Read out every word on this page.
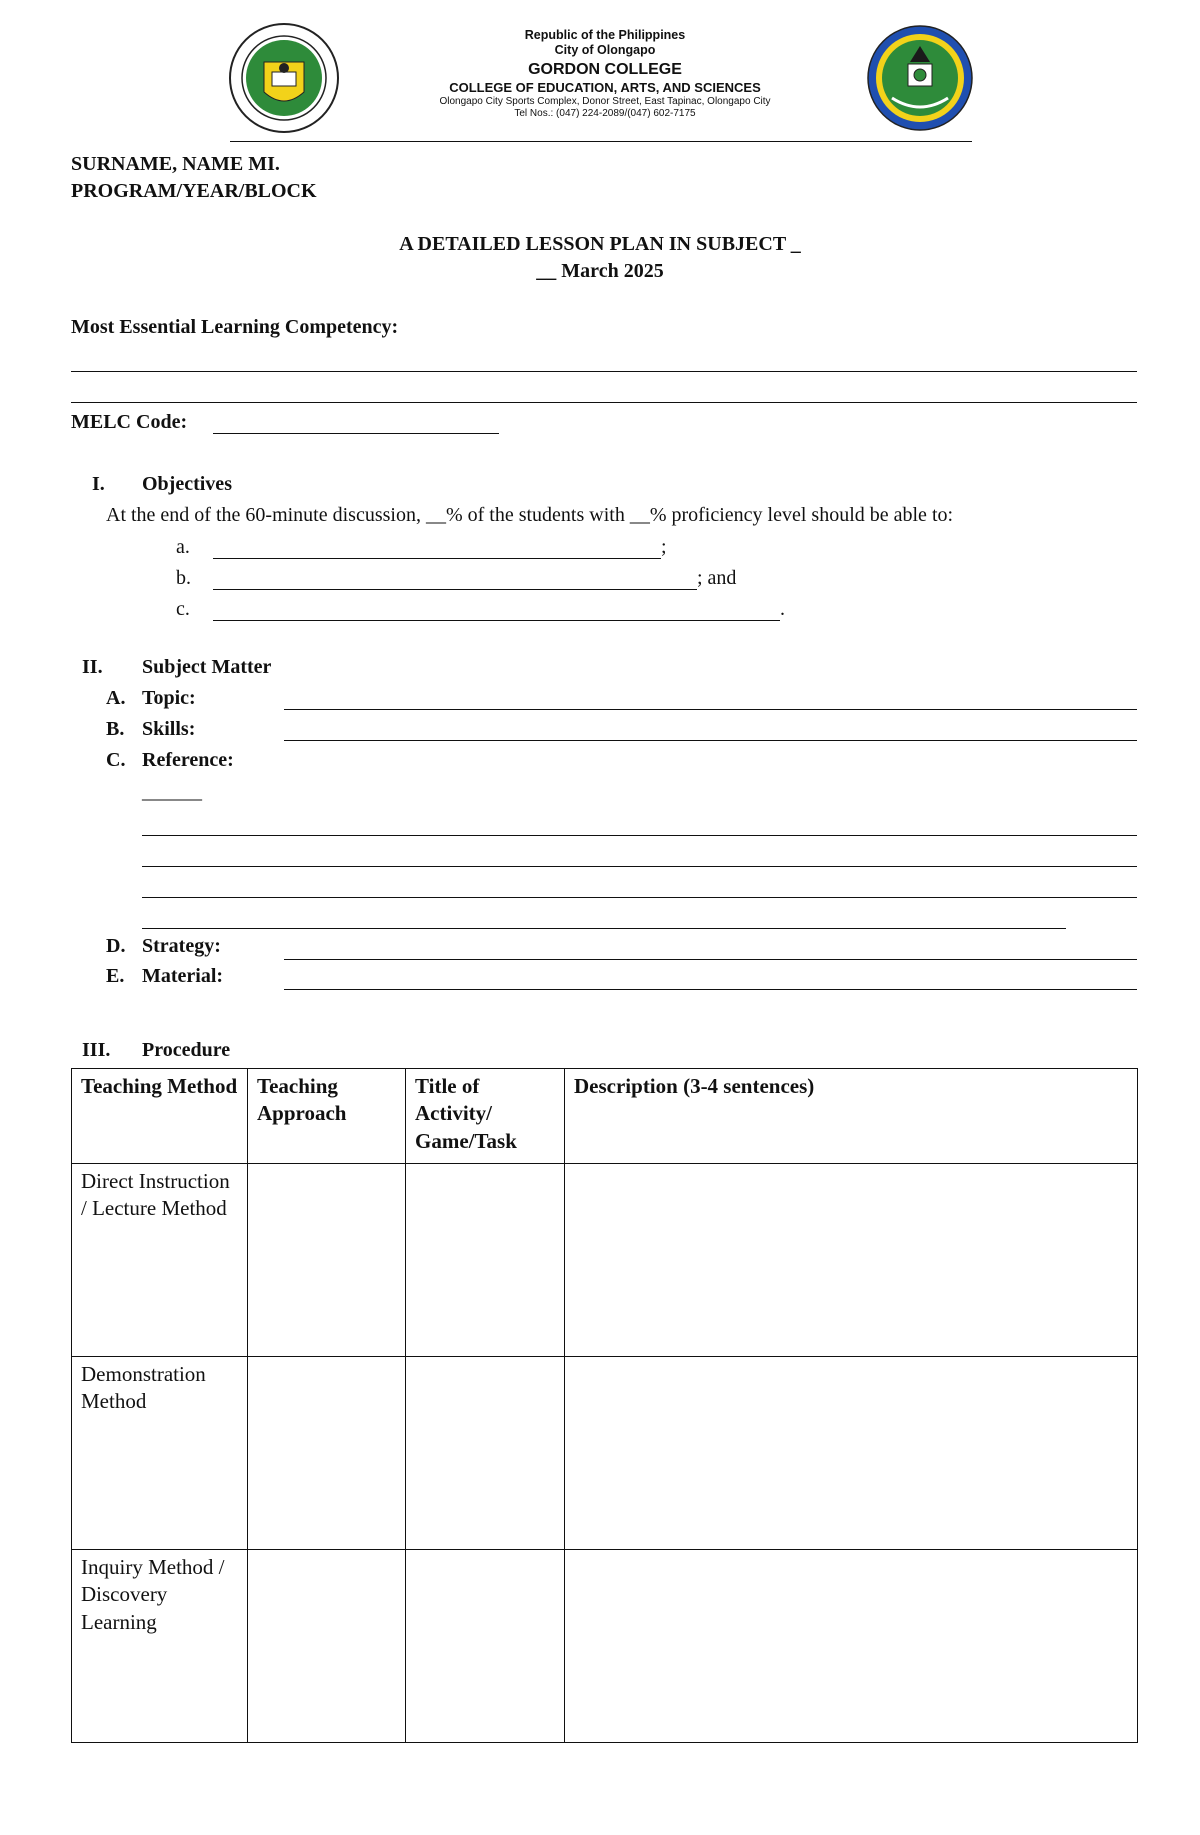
Republic of the Philippines
City of Olongapo
GORDON COLLEGE
COLLEGE OF EDUCATION, ARTS, AND SCIENCES
Olongapo City Sports Complex, Donor Street, East Tapinac, Olongapo City
Tel Nos.: (047) 224-2089/(047) 602-7175
SURNAME, NAME MI.
PROGRAM/YEAR/BLOCK
A DETAILED LESSON PLAN IN SUBJECT _
__ March 2025
Most Essential Learning Competency:
MELC Code:
I. Objectives
At the end of the 60-minute discussion, __% of the students with __% proficiency level should be able to:
a.	;
b.	; and
c.	.
II. Subject Matter
A. Topic:
B. Skills:
C. Reference:
______
D. Strategy:
E. Material:
III. Procedure
Teaching Method	Teaching Approach	Title of Activity/ Game/Task	Description (3-4 sentences)
Direct Instruction / Lecture Method			
Demonstration Method			
Inquiry Method / Discovery Learning			
